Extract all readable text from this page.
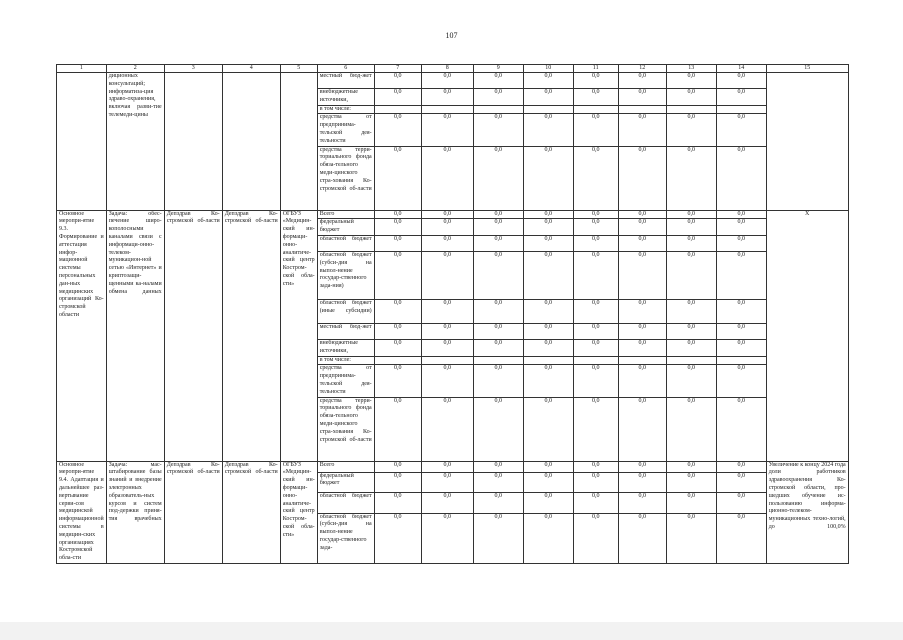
107
1	2	3	4	5	6	7	8	9	10	11	12	13	14	15
	диционных консультаций; информатиза-ция здраво-охранения, включая разви-тие телемеди-цины				местный бюд-жет	0,0	0,0	0,0	0,0	0,0	0,0	0,0	0,0	
					внебюджетные источники,	0,0	0,0	0,0	0,0	0,0	0,0	0,0	0,0	
					в том числе:									
					средства от предпринима-тельской дея-тельности	0,0	0,0	0,0	0,0	0,0	0,0	0,0	0,0	
					средства терри-ториального фонда обяза-тельного меди-цинского стра-хования Ко-стромской об-ласти	0,0	0,0	0,0	0,0	0,0	0,0	0,0	0,0	
Основное меропри-ятие 9.3. Формирование и аттестация инфор-мационной системы персональных дан-ных медицинских организаций Ко-стромской области	Задача: обес-печение широ-кополосными каналами связи с информаци-онно-телеком-муникацион-ной сетью «Интернет» и криптозащи-щенными ка-налами обмена данных	Депздрав Ко-стромской об-ласти	Депздрав Ко-стромской об-ласти	ОГБУЗ «Медицин-ский ин-формаци-онно-аналитиче-ский центр Костром-ской обла-сти»	Всего	0,0	0,0	0,0	0,0	0,0	0,0	0,0	0,0	Х
					федеральный бюджет	0,0	0,0	0,0	0,0	0,0	0,0	0,0	0,0	
					областной бюджет	0,0	0,0	0,0	0,0	0,0	0,0	0,0	0,0	
					областной бюджет (субси-дия на выпол-нение государ-ственного зада-ния)	0,0	0,0	0,0	0,0	0,0	0,0	0,0	0,0	
					областной бюджет (иные субсидии)	0,0	0,0	0,0	0,0	0,0	0,0	0,0	0,0	
					местный бюд-жет	0,0	0,0	0,0	0,0	0,0	0,0	0,0	0,0	
					внебюджетные источники,	0,0	0,0	0,0	0,0	0,0	0,0	0,0	0,0	
					в том числе:									
					средства от предпринима-тельской дея-тельности	0,0	0,0	0,0	0,0	0,0	0,0	0,0	0,0	
					средства терри-ториального фонда обяза-тельного меди-цинского стра-хования Ко-стромской об-ласти	0,0	0,0	0,0	0,0	0,0	0,0	0,0	0,0	
Основное меропри-ятие 9.4. Адаптация и дальнейшее раз-вертывание серви-сов медицинской информационной системы в медицин-ских организациях Костромской обла-сти	Задача: мас-штабирование базы знаний и внедрение электронных образователь-ных курсов и систем под-держки приня-тия врачебных	Депздрав Ко-стромской об-ласти	Депздрав Ко-стромской об-ласти	ОГБУЗ «Медицин-ский ин-формаци-онно-аналитиче-ский центр Костром-ской обла-сти»	Всего	0,0	0,0	0,0	0,0	0,0	0,0	0,0	0,0	Увеличение к концу 2024 года доли работников здравоохранения Ко-стромской области, про-шедших обучение ис-пользованию информа-ционно-телеком-муникационных техно-логий, до 100,0%
					федеральный бюджет	0,0	0,0	0,0	0,0	0,0	0,0	0,0	0,0	
					областной бюджет	0,0	0,0	0,0	0,0	0,0	0,0	0,0	0,0	
					областной бюджет (субси-дия на выпол-нение государ-ственного зада-	0,0	0,0	0,0	0,0	0,0	0,0	0,0	0,0	
